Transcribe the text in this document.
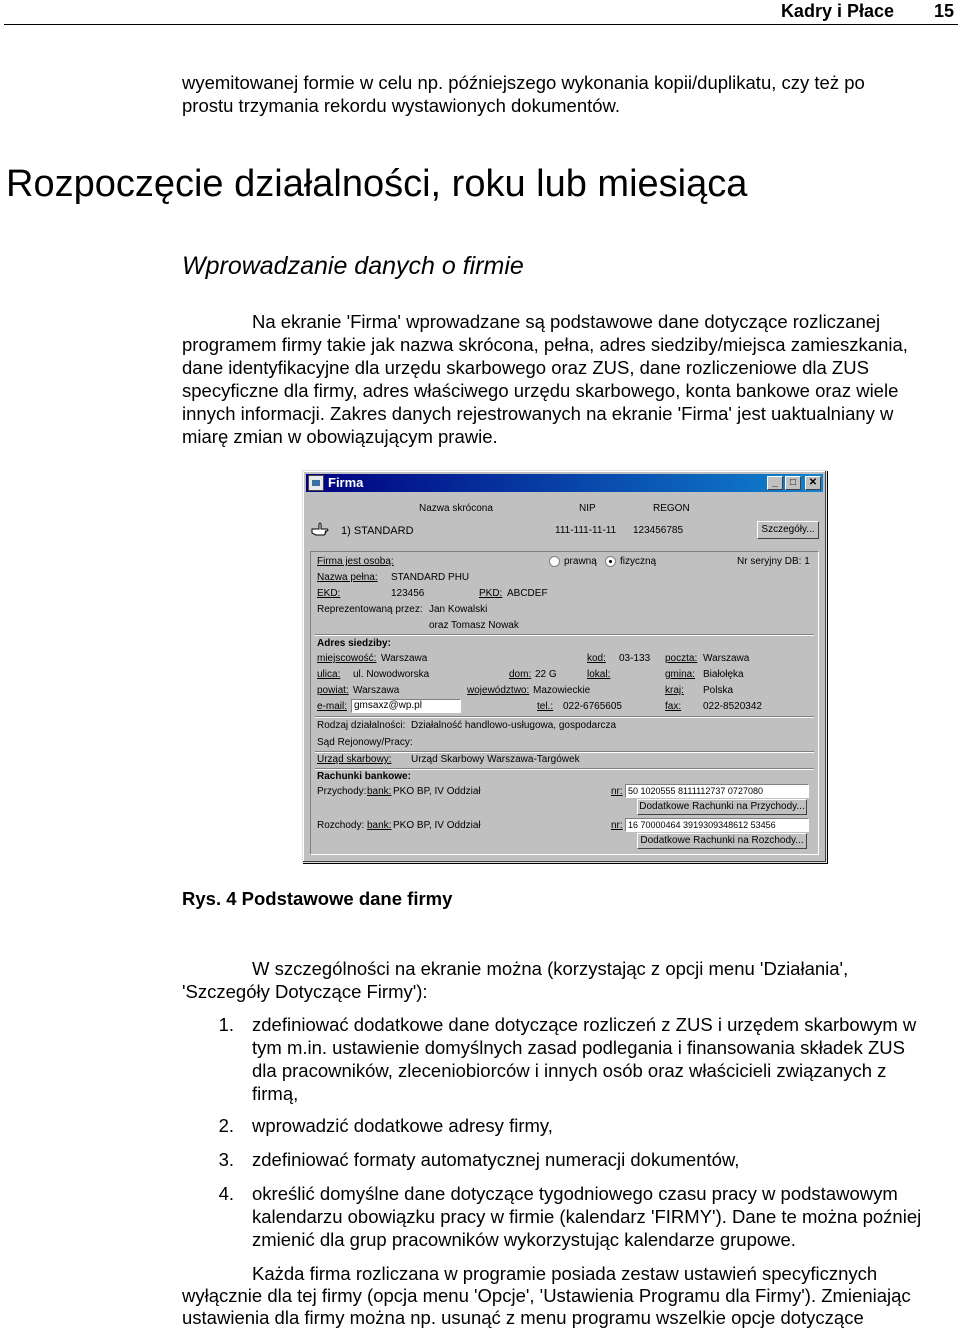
Kadry i Płace 15
wyemitowanej formie w celu np. późniejszego wykonania kopii/duplikatu, czy też po
prostu trzymania rekordu wystawionych dokumentów.
Rozpoczęcie działalności, roku lub miesiąca
Wprowadzanie danych o firmie
Na ekranie 'Firma' wprowadzane są podstawowe dane dotyczące rozliczanej
programem firmy takie jak nazwa skrócona, pełna, adres siedziby/miejsca zamieszkania,
dane identyfikacyjne dla urzędu skarbowego oraz ZUS, dane rozliczeniowe dla ZUS
specyficzne dla firmy, adres właściwego urzędu skarbowego, konta bankowe oraz wiele
innych informacji. Zakres danych rejestrowanych na ekranie 'Firma' jest uaktualniany w
miarę zmian w obowiązującym prawie.
Firma	_	□	✕
Nazwa skrócona	NIP	REGON
1) STANDARD	111-111-11-11 123456785	Szczegóły...
Firma jest osobą:	prawną fizyczną	Nr seryjny DB: 1
Nazwa pełna: STANDARD PHU
EKD:	123456	PKD: ABCDEF
Reprezentowaną przez: Jan Kowalski
oraz Tomasz Nowak
Adres siedziby:
miejscowość: Warszawa	kod: 03-133 poczta: Warszawa
ulica: ul. Nowodworska	dom: 22 G	lokal:	gmina: Białołęka
powiat: Warszawa	województwo: Mazowieckie	kraj: Polska
e-mail: gmsaxz@wp.pl	tel.: 022-6765605	fax: 022-8520342
Rodzaj działalności: Działalność handlowo-usługowa, gospodarcza
Sąd Rejonowy/Pracy:
Urząd skarbowy: Urząd Skarbowy Warszawa-Targówek
Rachunki bankowe:
Przychody: bank: PKO BP, IV Oddział	nr: 50 1020555 8111112737 0727080
Dodatkowe Rachunki na Przychody...
Rozchody: bank: PKO BP, IV Oddział	nr: 16 70000464 3919309348612 53456
Dodatkowe Rachunki na Rozchody...
Rys. 4 Podstawowe dane firmy
W szczególności na ekranie można (korzystając z opcji menu 'Działania',
'Szczegóły Dotyczące Firmy'):
1. zdefiniować dodatkowe dane dotyczące rozliczeń z ZUS i urzędem skarbowym w
tym m.in. ustawienie domyślnych zasad podlegania i finansowania składek ZUS
dla pracowników, zleceniobiorców i innych osób oraz właścicieli związanych z
firmą,
2. wprowadzić dodatkowe adresy firmy,
3. zdefiniować formaty automatycznej numeracji dokumentów,
4. określić domyślne dane dotyczące tygodniowego czasu pracy w podstawowym
kalendarzu obowiązku pracy w firmie (kalendarz 'FIRMY'). Dane te można poźniej
zmienić dla grup pracowników wykorzystując kalendarze grupowe.
Każda firma rozliczana w programie posiada zestaw ustawień specyficznych
wyłącznie dla tej firmy (opcja menu 'Opcje', 'Ustawienia Programu dla Firmy'). Zmieniając
ustawienia dla firmy można np. usunąć z menu programu wszelkie opcje dotyczące
